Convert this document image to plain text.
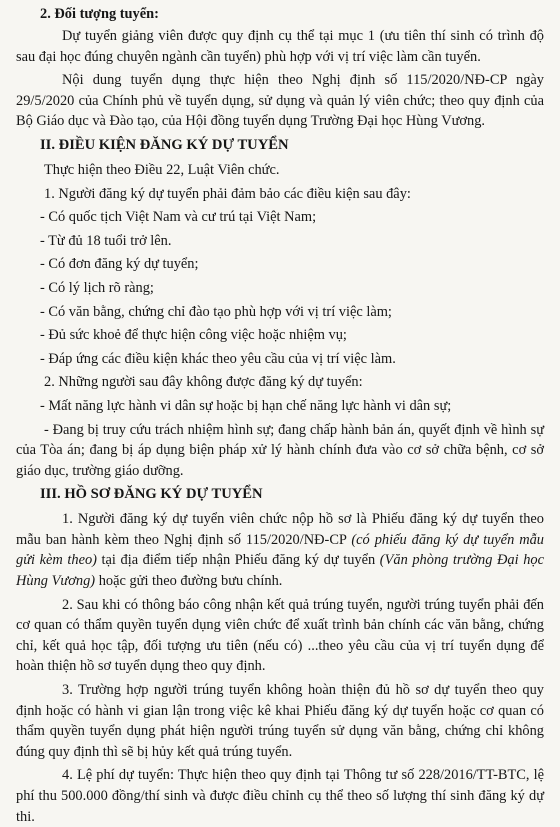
2. Đối tượng tuyển:

Dự tuyển giảng viên được quy định cụ thể tại mục 1 (ưu tiên thí sinh có trình độ sau đại học đúng chuyên ngành cần tuyển) phù hợp với vị trí việc làm cần tuyển.

Nội dung tuyển dụng thực hiện theo Nghị định số 115/2020/NĐ-CP ngày 29/5/2020 của Chính phủ về tuyển dụng, sử dụng và quản lý viên chức; theo quy định của Bộ Giáo dục và Đào tạo, của Hội đồng tuyển dụng Trường Đại học Hùng Vương.

II. ĐIỀU KIỆN ĐĂNG KÝ DỰ TUYỂN

Thực hiện theo Điều 22, Luật Viên chức.

1. Người đăng ký dự tuyển phải đảm bảo các điều kiện sau đây:

- Có quốc tịch Việt Nam và cư trú tại Việt Nam;

- Từ đủ 18 tuổi trở lên.

- Có đơn đăng ký dự tuyển;

- Có lý lịch rõ ràng;

- Có văn bằng, chứng chỉ đào tạo phù hợp với vị trí việc làm;

- Đủ sức khoẻ để thực hiện công việc hoặc nhiệm vụ;

- Đáp ứng các điều kiện khác theo yêu cầu của vị trí việc làm.

2. Những người sau đây không được đăng ký dự tuyển:

- Mất năng lực hành vi dân sự hoặc bị hạn chế năng lực hành vi dân sự;

- Đang bị truy cứu trách nhiệm hình sự; đang chấp hành bản án, quyết định về hình sự của Tòa án; đang bị áp dụng biện pháp xử lý hành chính đưa vào cơ sở chữa bệnh, cơ sở giáo dục, trường giáo dưỡng.

III. HỒ SƠ ĐĂNG KÝ DỰ TUYỂN

1. Người đăng ký dự tuyển viên chức nộp hồ sơ là Phiếu đăng ký dự tuyển theo mẫu ban hành kèm theo Nghị định số 115/2020/NĐ-CP (có phiếu đăng ký dự tuyển mẫu gửi kèm theo) tại địa điểm tiếp nhận Phiếu đăng ký dự tuyển (Văn phòng trường Đại học Hùng Vương) hoặc gửi theo đường bưu chính.

2. Sau khi có thông báo công nhận kết quả trúng tuyển, người trúng tuyển phải đến cơ quan có thẩm quyền tuyển dụng viên chức để xuất trình bản chính các văn bằng, chứng chỉ, kết quả học tập, đối tượng ưu tiên (nếu có) ...theo yêu cầu của vị trí tuyển dụng để hoàn thiện hồ sơ tuyển dụng theo quy định.

3. Trường hợp người trúng tuyển không hoàn thiện đủ hồ sơ dự tuyển theo quy định hoặc có hành vi gian lận trong việc kê khai Phiếu đăng ký dự tuyển hoặc cơ quan có thẩm quyền tuyển dụng phát hiện người trúng tuyển sử dụng văn bằng, chứng chỉ không đúng quy định thì sẽ bị hủy kết quả trúng tuyển.

4. Lệ phí dự tuyển: Thực hiện theo quy định tại Thông tư số 228/2016/TT-BTC, lệ phí thu 500.000 đồng/thí sinh và được điều chỉnh cụ thể theo số lượng thí sinh đăng ký dự thi.
